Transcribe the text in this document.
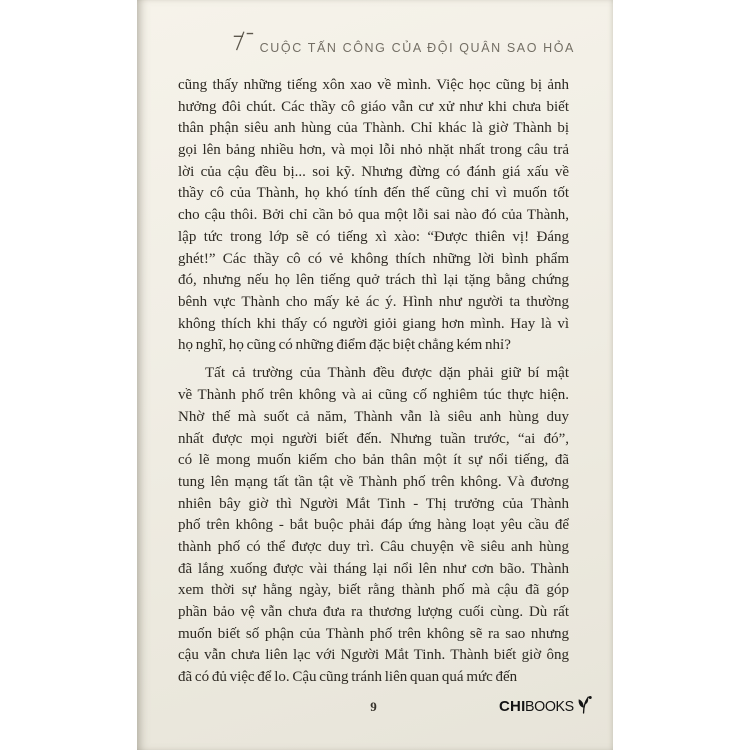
CUỘC TẤN CÔNG CỦA ĐỘI QUÂN SAO HỎA
cũng thấy những tiếng xôn xao về mình. Việc học cũng bị ảnh
hưởng đôi chút. Các thầy cô giáo vẫn cư xử như khi chưa biết
thân phận siêu anh hùng của Thành. Chỉ khác là giờ Thành bị
gọi lên bảng nhiều hơn, và mọi lỗi nhỏ nhặt nhất trong câu trả
lời của cậu đều bị... soi kỹ. Nhưng đừng có đánh giá xấu về
thầy cô của Thành, họ khó tính đến thế cũng chỉ vì muốn tốt
cho cậu thôi. Bởi chỉ cần bỏ qua một lỗi sai nào đó của Thành,
lập tức trong lớp sẽ có tiếng xì xào: “Được thiên vị! Đáng
ghét!” Các thầy cô có vẻ không thích những lời bình phẩm
đó, nhưng nếu họ lên tiếng quở trách thì lại tặng bằng chứng
bênh vực Thành cho mấy kẻ ác ý. Hình như người ta thường
không thích khi thấy có người giỏi giang hơn mình. Hay là vì
họ nghĩ, họ cũng có những điểm đặc biệt chẳng kém nhỉ?
Tất cả trường của Thành đều được dặn phải giữ bí mật
về Thành phố trên không và ai cũng cố nghiêm túc thực hiện.
Nhờ thế mà suốt cả năm, Thành vẫn là siêu anh hùng duy
nhất được mọi người biết đến. Nhưng tuần trước, “ai đó”,
có lẽ mong muốn kiếm cho bản thân một ít sự nổi tiếng, đã
tung lên mạng tất tần tật về Thành phố trên không. Và đương
nhiên bây giờ thì Người Mắt Tinh - Thị trưởng của Thành
phố trên không - bắt buộc phải đáp ứng hàng loạt yêu cầu để
thành phố có thể được duy trì. Câu chuyện về siêu anh hùng
đã lắng xuống được vài tháng lại nổi lên như cơn bão. Thành
xem thời sự hằng ngày, biết rằng thành phố mà cậu đã góp
phần bảo vệ vẫn chưa đưa ra thương lượng cuối cùng. Dù rất
muốn biết số phận của Thành phố trên không sẽ ra sao nhưng
cậu vẫn chưa liên lạc với Người Mắt Tinh. Thành biết giờ ông
đã có đủ việc để lo. Cậu cũng tránh liên quan quá mức đến
9	CHI BOOKS
